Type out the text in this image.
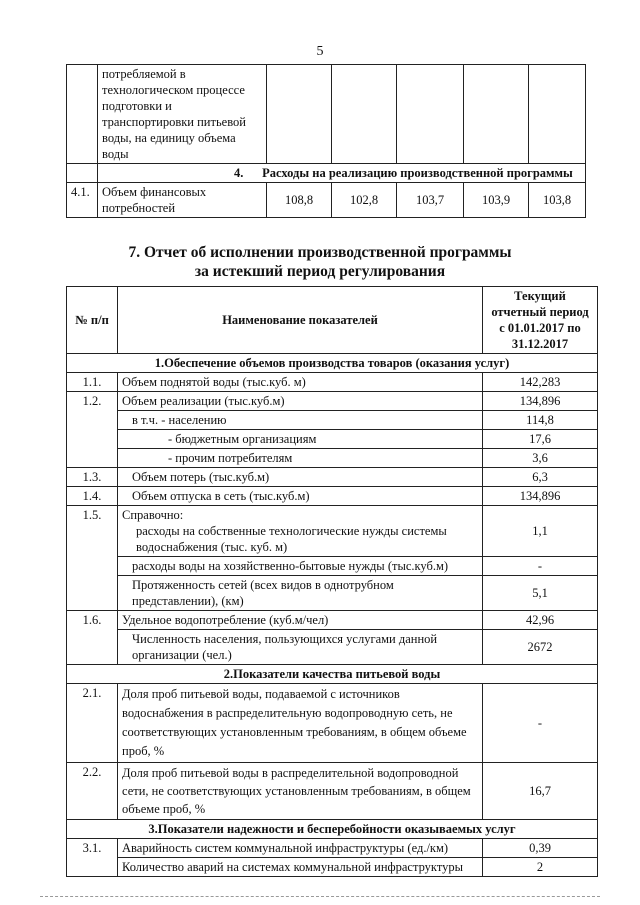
5
	потребляемой в технологическом процессе подготовки и транспортировки питьевой воды, на единицу объема воды					
	4. Расходы на реализацию производственной программы					
4.1.	Объем финансовых потребностей	108,8	102,8	103,7	103,9	103,8
7. Отчет об исполнении производственной программы
за истекший период регулирования
№ п/п	Наименование показателей	Текущий отчетный период с 01.01.2017 по 31.12.2017
1.Обеспечение объемов производства товаров (оказания услуг)		
1.1.	Объем поднятой воды (тыс.куб. м)	142,283
1.2.	Объем реализации (тыс.куб.м)	134,896
	в т.ч. - населению	114,8
	- бюджетным организациям	17,6
	- прочим потребителям	3,6
1.3.	Объем потерь (тыс.куб.м)	6,3
1.4.	Объем отпуска в сеть (тыс.куб.м)	134,896
1.5.	Справочно:
расходы на собственные технологические нужды системы водоснабжения (тыс. куб. м)	1,1
	расходы воды на хозяйственно-бытовые нужды (тыс.куб.м)	-
	Протяженность сетей (всех видов в однотрубном представлении), (км)	5,1
1.6.	Удельное водопотребление (куб.м/чел)	42,96
	Численность населения, пользующихся услугами данной организации (чел.)	2672
2.Показатели качества питьевой воды		
2.1.	Доля проб питьевой воды, подаваемой с источников водоснабжения в распределительную водопроводную сеть, не соответствующих установленным требованиям, в общем объеме проб, %	-
2.2.	Доля проб питьевой воды в распределительной водопроводной сети, не соответствующих установленным требованиям, в общем объеме проб, %	16,7
3.Показатели надежности и бесперебойности оказываемых услуг		
3.1.	Аварийность систем коммунальной инфраструктуры (ед./км)	0,39
	Количество аварий на системах коммунальной инфраструктуры	2
